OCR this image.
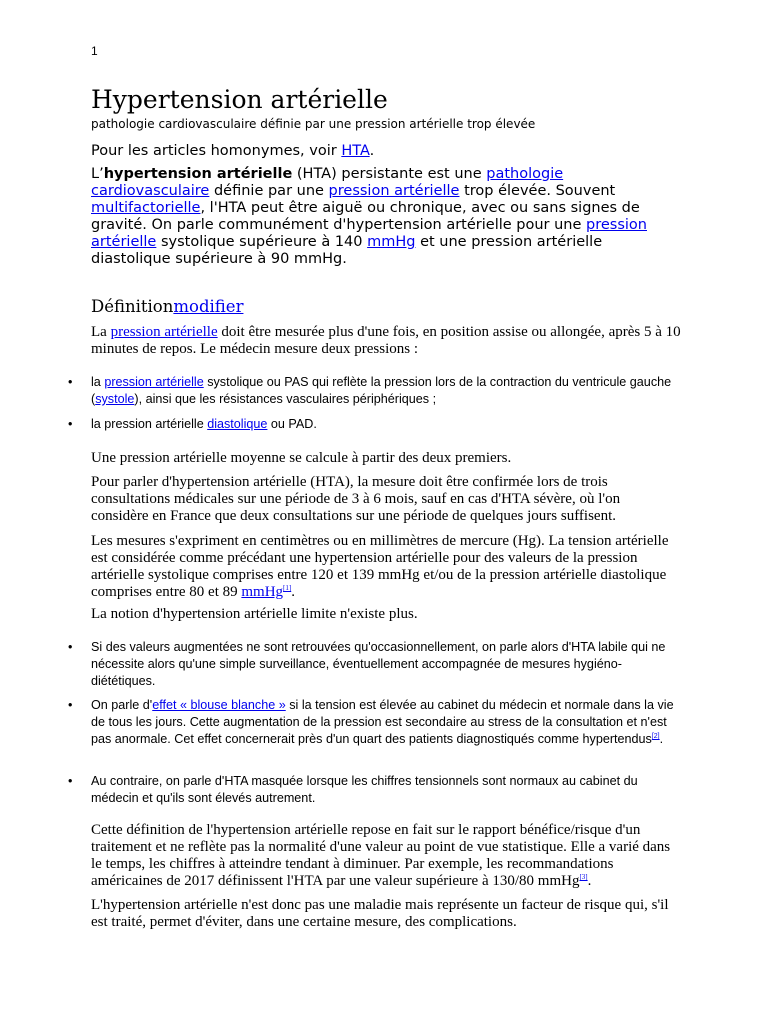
1
Hypertension artérielle
pathologie cardiovasculaire définie par une pression artérielle trop élevée
Pour les articles homonymes, voir HTA.

L’hypertension artérielle (HTA) persistante est une pathologie cardiovasculaire définie par une pression artérielle trop élevée. Souvent multifactorielle, l'HTA peut être aiguë ou chronique, avec ou sans signes de gravité. On parle communément d'hypertension artérielle pour une pression artérielle systolique supérieure à 140 mmHg et une pression artérielle diastolique supérieure à 90 mmHg.

Définitionmodifier

La pression artérielle doit être mesurée plus d'une fois, en position assise ou allongée, après 5 à 10 minutes de repos. Le médecin mesure deux pressions :

•	la pression artérielle systolique ou PAS qui reflète la pression lors de la contraction du ventricule gauche (systole), ainsi que les résistances vasculaires périphériques ;
•	la pression artérielle diastolique ou PAD.

Une pression artérielle moyenne se calcule à partir des deux premiers.

Pour parler d'hypertension artérielle (HTA), la mesure doit être confirmée lors de trois consultations médicales sur une période de 3 à 6 mois, sauf en cas d'HTA sévère, où l'on considère en France que deux consultations sur une période de quelques jours suffisent.

Les mesures s'expriment en centimètres ou en millimètres de mercure (Hg). La tension artérielle est considérée comme précédant une hypertension artérielle pour des valeurs de la pression artérielle systolique comprises entre 120 et 139 mmHg et/ou de la pression artérielle diastolique comprises entre 80 et 89 mmHg[1].

La notion d'hypertension artérielle limite n'existe plus.

•	Si des valeurs augmentées ne sont retrouvées qu'occasionnellement, on parle alors d'HTA labile qui ne nécessite alors qu'une simple surveillance, éventuellement accompagnée de mesures hygiéno-diététiques.
•	On parle d'effet « blouse blanche » si la tension est élevée au cabinet du médecin et normale dans la vie de tous les jours. Cette augmentation de la pression est secondaire au stress de la consultation et n'est pas anormale. Cet effet concernerait près d'un quart des patients diagnostiqués comme hypertendus[2].
•	Au contraire, on parle d'HTA masquée lorsque les chiffres tensionnels sont normaux au cabinet du médecin et qu'ils sont élevés autrement.

Cette définition de l'hypertension artérielle repose en fait sur le rapport bénéfice/risque d'un traitement et ne reflète pas la normalité d'une valeur au point de vue statistique. Elle a varié dans le temps, les chiffres à atteindre tendant à diminuer. Par exemple, les recommandations américaines de 2017 définissent l'HTA par une valeur supérieure à 130/80 mmHg[3].

L'hypertension artérielle n'est donc pas une maladie mais représente un facteur de risque qui, s'il est traité, permet d'éviter, dans une certaine mesure, des complications.
